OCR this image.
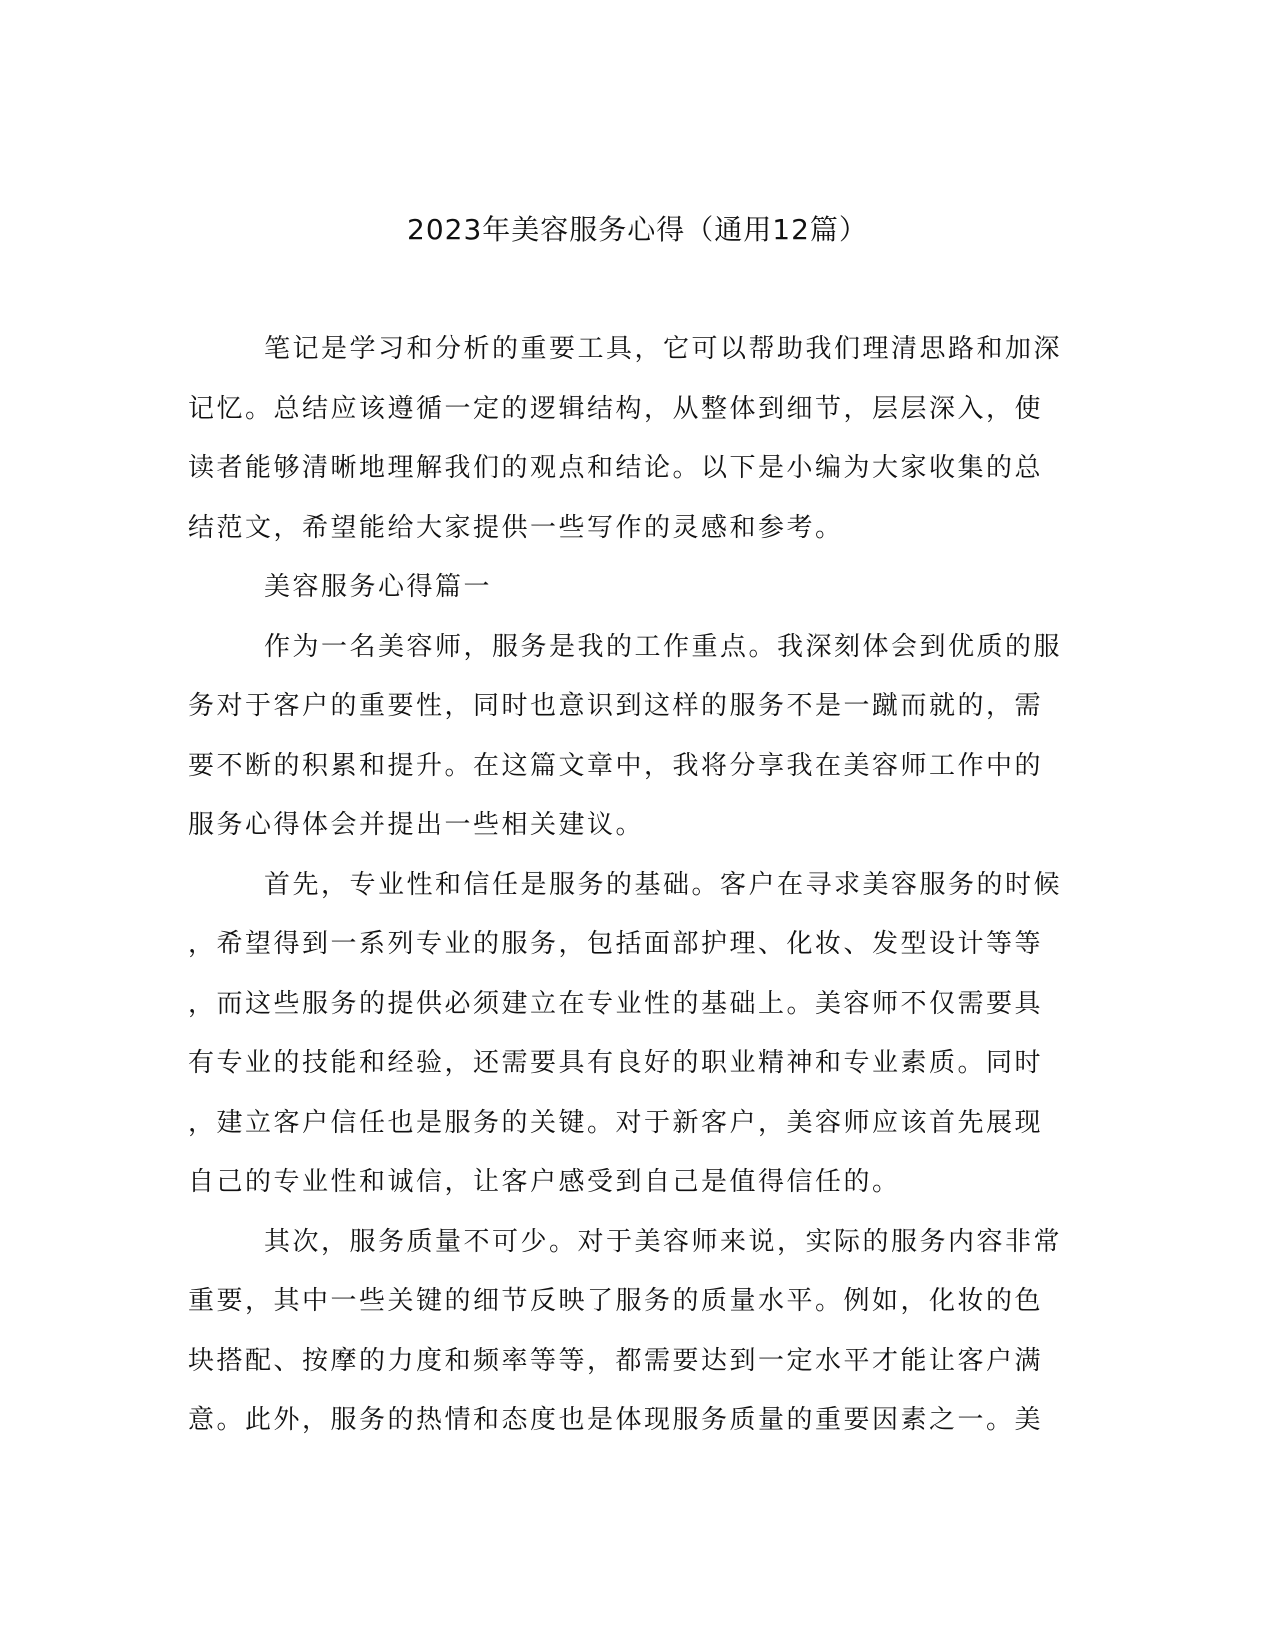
2023年美容服务心得（通用12篇）
笔记是学习和分析的重要工具，它可以帮助我们理清思路和加深
记忆。总结应该遵循一定的逻辑结构，从整体到细节，层层深入，使
读者能够清晰地理解我们的观点和结论。以下是小编为大家收集的总
结范文，希望能给大家提供一些写作的灵感和参考。
美容服务心得篇一
作为一名美容师，服务是我的工作重点。我深刻体会到优质的服
务对于客户的重要性，同时也意识到这样的服务不是一蹴而就的，需
要不断的积累和提升。在这篇文章中，我将分享我在美容师工作中的
服务心得体会并提出一些相关建议。
首先，专业性和信任是服务的基础。客户在寻求美容服务的时候
，希望得到一系列专业的服务，包括面部护理、化妆、发型设计等等
，而这些服务的提供必须建立在专业性的基础上。美容师不仅需要具
有专业的技能和经验，还需要具有良好的职业精神和专业素质。同时
，建立客户信任也是服务的关键。对于新客户，美容师应该首先展现
自己的专业性和诚信，让客户感受到自己是值得信任的。
其次，服务质量不可少。对于美容师来说，实际的服务内容非常
重要，其中一些关键的细节反映了服务的质量水平。例如，化妆的色
块搭配、按摩的力度和频率等等，都需要达到一定水平才能让客户满
意。此外，服务的热情和态度也是体现服务质量的重要因素之一。美
